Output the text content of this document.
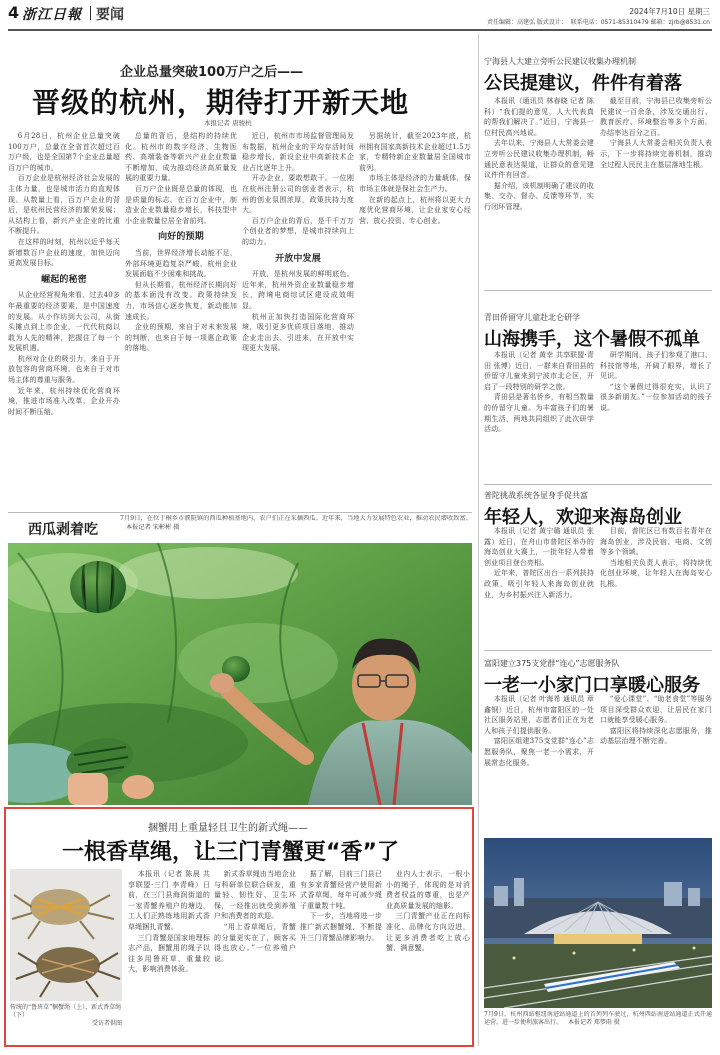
4 浙江日報 要闻	2024年7月10日 星期三
责任编辑：高建弘 版式设计： 联系电话：0571-85310479 邮箱：zjrb@8531.cn
企业总量突破100万户之后——
晋级的杭州，期待打开新天地
本报记者 唐骏杭

6月28日，杭州企业总量突破100万户，总量在全省首次超过百万户级，也是全国第7个企业总量超百万户的城市。

百万企业是杭州经济社会发展的主体力量，也是城市活力的直观体现。从数量上看，百万户企业的背后，是杭州民营经济的繁荣发展；从结构上看，新兴产业企业的比重不断提升。

在这样的时刻，杭州以近乎每天新增数百户企业的速度，加快迈向更高发展目标。

崛起的秘密

从企业经营视角来看，过去40多年最重要的经济要素，是中国速度的发展。从小作坊到大公司，从街头摊点到上市企业，一代代杭商以敢为人先的精神，把握住了每一个发展机遇。

杭州对企业的吸引力，来自于开放包容的营商环境，也来自于对市场主体的尊重与服务。

近年来，杭州持续优化营商环境，推进市场准入改革，企业开办时间不断压缩。

总量的背后，是结构的持续优化。杭州市的数字经济、生物医药、高端装备等新兴产业企业数量不断增加，成为推动经济高质量发展的重要力量。

百万户企业既是总量的体现，也是质量的标志。在百万企业中，制造业企业数量稳步增长，科技型中小企业数量位居全省前列。

向好的预期

当前，世界经济增长动能不足，外部环境更趋复杂严峻，杭州企业发展面临不少困难和挑战。

但从长期看，杭州经济长期向好的基本面没有改变。政策持续发力，市场信心逐步恢复，新动能加速成长。

企业的预期，来自于对未来发展的判断，也来自于每一项惠企政策的落地。

近日，杭州市市场监督管理局发布数据，杭州企业的平均存活时间稳步增长，新设企业中高新技术企业占比逐年上升。

开办企业，要敢想敢干。一位刚在杭州注册公司的创业者表示，杭州的创业氛围浓厚，政策扶持力度大。

百万户企业的背后，是千千万万个创业者的梦想，是城市持续向上的动力。

开放中发展

开放，是杭州发展的鲜明底色。近年来，杭州外资企业数量稳步增长，跨境电商综试区建设成效明显。

杭州正加快打造国际化营商环境，吸引更多优质项目落地，推动企业走出去、引进来，在开放中实现更大发展。

另据统计，截至2023年底，杭州拥有国家高新技术企业超过1.5万家，专精特新企业数量居全国城市前列。

市场主体是经济的力量载体，保市场主体就是保社会生产力。

在新的起点上，杭州将以更大力度优化营商环境，让企业家安心经营、放心投资、专心创业。

7月9日，在位于桐乡市濮院镇的西瓜种植基地内，农户们正在采摘西瓜。近年来，当地大力发展特色农业，推动农民增收致富。 本报记者 宋彬彬 摄
西瓜剥着吃
捆蟹用上重量轻且卫生的新式绳——
一根香草绳，让三门青蟹更“香”了
传统的“鲁班草”捆蟹绳（上）、新式香草绳（下）
受访者供图

本报讯（记者 陈晨 共享联盟·三门 李青峰）日前，在三门县海润街道的一家青蟹养殖户的塘边，工人们正熟练地用新式香草绳捆扎青蟹。

三门青蟹是国家地理标志产品，捆蟹用的绳子以往多用鲁班草，重量较大，影响消费体验。

新式香草绳由当地企业与科研单位联合研发，重量轻、韧性好、卫生环保，一经推出就受到养殖户和消费者的欢迎。

“用上香草绳后，青蟹的分量更实在了，顾客买得也放心。”一位养殖户说。

据了解，目前三门县已有多家青蟹经营户使用新式香草绳，每年可减少绳子重量数十吨。

下一步，当地将进一步推广新式捆蟹绳，不断提升三门青蟹品牌影响力。

业内人士表示，一根小小的绳子，体现的是对消费者权益的尊重，也是产业高质量发展的缩影。

三门青蟹产业正在向标准化、品牌化方向迈进，让更多消费者吃上放心蟹、满意蟹。

宁海县人大建立旁听公民建议收集办理机制
公民提建议，件件有着落

本报讯（通讯员 林春晓 记者 陈科）“我们提的意见，人大代表真的帮我们解决了。”近日，宁海县一位村民高兴地说。

去年以来，宁海县人大常委会建立旁听公民建议收集办理机制，畅通民意表达渠道，让群众的意见建议件件有回音。

据介绍，该机制明确了建议的收集、交办、督办、反馈等环节，实行闭环管理。

截至目前，宁海县已收集旁听公民建议一百余条，涉及交通出行、教育医疗、环境整治等多个方面，办结率达百分之百。

宁海县人大常委会相关负责人表示，下一步将持续完善机制，推动全过程人民民主在基层落地生根。

青田侨留守儿童赴北仑研学
山海携手，这个暑假不孤单

本报讯（记者 黄幸 共享联盟·青田 张博）近日，一群来自青田县的侨留守儿童来到宁波市北仑区，开启了一段特别的研学之旅。

青田县是著名侨乡，有相当数量的侨留守儿童。为丰富孩子们的暑期生活，两地共同组织了此次研学活动。

研学期间，孩子们参观了港口、科技馆等地，开阔了眼界，增长了见识。

“这个暑假过得很充实，认识了很多新朋友。”一位参加活动的孩子说。

普陀挑战系统各显身手促共富
年轻人，欢迎来海岛创业

本报讯（记者 黄宁璐 通讯员 张露）近日，在舟山市普陀区举办的海岛创业大赛上，一批年轻人带着创业项目登台亮相。

近年来，普陀区出台一系列扶持政策，吸引年轻人来海岛创业就业，为乡村振兴注入新活力。

目前，普陀区已有数百名青年在海岛创业，涉及民宿、电商、文创等多个领域。

当地相关负责人表示，将持续优化创业环境，让年轻人在海岛安心扎根。

富阳建立375支党群“连心”志愿服务队
一老一小家门口享暖心服务

本报讯（记者 叶海希 通讯员 章鑫钢）近日，杭州市富阳区的一处社区服务站里，志愿者们正在为老人和孩子们提供服务。

富阳区组建375支党群“连心”志愿服务队，聚焦一老一小需求，开展常态化服务。

“爱心课堂”、“助老食堂”等服务项目深受群众欢迎，让居民在家门口就能享受暖心服务。

富阳区将持续深化志愿服务，推动基层治理不断完善。

7月9日，杭州西站枢纽南进站通道上的首列列车驶过，杭州西站南进站通道正式开通运营，进一步便利旅客出行。 本报记者 郑梦雨 摄
